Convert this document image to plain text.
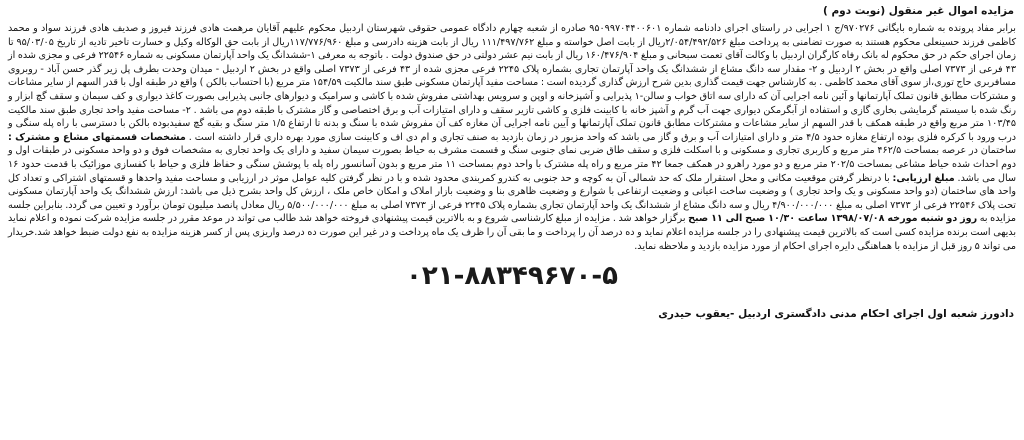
مزایده اموال غیر منقول (نوبت دوم )

برابر مفاد پرونده به شماره بایگانی ۹۷۰۲۷۶/ج ۱ اجرایی در راستای اجرای دادنامه شماره ۹۵۰۹۹۷۰۴۴۰۰۶۰۱ صادره از شعبه چهارم دادگاه عمومی حقوقی شهرستان اردبیل محکوم علیهم آقایان مرهمت هادی فرزند فیروز و صدیف هادی فرزند سواد و محمد کاظمی فرزند حسینعلی محکوم هستند به صورت تضامنی به پرداخت مبلغ ۲/۰۵۴/۴۹۲/۵۲۶ریال از بابت اصل خواسته و مبلغ ۱۱۱/۴۹۷/۷۶۲ ریال از بابت هزینه دادرسی و مبلغ ۱۱۷/۷۷۶/۹۶۰ریال از بابت حق الوکاله وکیل و خسارت تاخیر تادیه از تاریخ ۹۵/۰۳/۰۵ تا زمان اجرای حکم در حق محکوم له بانک رفاه کارگران اردبیل با وکالت آقای تعمت سبحانی و مبلغ ۱۶۰/۴۷۶/۹۰۴ ریال از بابت نیم عشر دولتی در حق صندوق دولت . باتوجه به معرفی ۱-ششدانگ یک واحد آپارتمان مسکونی به شماره ۲۲۵۴۶ فرعی و مجزی شده از ۴۳ فرعی از ۷۳۷۳ اصلی واقع در بخش ۲ اردبیل و ۲- مقدار سه دانگ مشاع از ششدانگ یک واحد آپارتمان تجاری بشماره پلاک ۲۲۴۵ فرعی مجزی شده از ۴۳ فرعی از ۷۳۷۳ اصلی واقع در بخش ۲ اردبیل - میدان وحدت بطرف پل زیر گذر حسن آباد - روبروی مسافربری حاج توری،از سوی آقای محمد کاظمی . به کارشناس جهت قیمت گذاری بدین شرح ارزش گذاری گردیده است : مساحت مفید آپارتمان مسکونی طبق سند مالکیت ۱۵۴/۵۹ متر مربع (با احتساب بالکن ) واقع در طبقه اول با قدر السهم از سایر مشاعات و مشترکات مطابق قانون تملک آپارتمانها و آئین نامه اجرایی آن که دارای سه اتاق خواب و سالن-۱ پذیرایی و آشپزخانه و اوپن و سرویس بهداشتی مفروش شده با کاشی و سرامیک و دیوارهای جانبی پذیرایی بصورت کاغذ دیواری و کف سیمان و سقف گچ ابزار و رنگ شده با سیستم گرمایشی بخاری گازی و استفاده از آبگرمکن دیواری جهت آب گرم و آشپز خانه با کابینت فلزی و کاشی تازیر سقف و دارای امتیازات آب و برق اختصاصی و گاز مشترک با طبقه دوم می باشد . ۲- مساحت مفید واحد تجاری طبق سند مالکیت ۱۰۳/۴۵ متر مربع واقع در طبقه همکف با قدر السهم از سایر مشاعات و مشترکات مطابق قانون تملک آپارتمانها و آیین نامه اجرایی آن مغازه کف آن مفروش شده با سنگ و بدنه تا ارتفاع ۱/۵ متر سنگ و بقیه گچ سفیدبوده بالکن با دسترسی با راه پله سنگی و درب ورود با کرکره فلزی بوده ارتفاع مغازه حدود ۴/۵ متر و دارای امتیازات آب و برق و گاز می باشد که واحد مزبور در زمان بازدید به صنف تجاری و ام دی اف و کابینت سازی مورد بهره داری قرار داشته است . مشخصات قسمتهای مشاع و مشترک : ساختمان در عرصه بمساحت ۴۶۲/۵ متر مربع و کاربری تجاری و مسکونی و با اسکلت فلزی و سقف طاق ضربی نمای جنوبی سنگ و قسمت مشرف به حیاط بصورت سیمان سفید و دارای یک واحد تجاری به مشخصات فوق و دو واحد مسکونی در طبقات اول و دوم احداث شده حیاط مشاعی بمساحت ۲۰۲/۵ متر مربع و دو مورد راهرو در همکف جمعا ۴۲ متر مربع و راه پله مشترک با واحد دوم بمساحت ۱۱ متر مربع و بدون آسانسور راه پله با پوشش سنگی و حفاظ فلزی و حیاط با کفسازی موزائیک با قدمت حدود ۱۶ سال می باشد. مبلغ ارزیابی: با درنظر گرفتن موقعیت مکانی و محل استقرار ملک که حد شمالی آن به کوچه و حد جنوبی به کندرو کمربندی محدود شده و با در نظر گرفتن کلیه عوامل موثر در ارزیابی و مساحت مفید واحدها و قسمتهای اشتراکی و تعداد کل واحد های ساختمان (دو واحد مسکونی و یک واحد تجاری ) و وضعیت ساخت اعیانی و وضعیت ارتفاعی با شوارع و وضعیت ظاهری بنا و وضعیت بازار املاک و امکان خاص ملک ، ارزش کل واحد بشرح ذیل می باشد: ارزش ششدانگ یک واحد آپارتمان مسکونی تحت پلاک ۲۲۵۴۶ فرعی از ۷۳۷۳ اصلی به مبلغ ۴/۹۰۰/۰۰۰/۰۰۰ ریال و سه دانگ مشاع از ششدانگ یک واحد آپارتمان تجاری بشماره پلاک ۲۲۴۵ فرعی از ۷۳۷۳ اصلی به مبلغ ۵/۵۰۰/۰۰۰/۰۰۰ ریال معادل پانصد میلیون تومان برآورد و تعیین می گردد. بنابراین جلسه مزایده به روز دو شنبه مورخه ۱۳۹۸/۰۷/۰۸ ساعت ۱۰/۳۰ صبح الی ۱۱ صبح برگزار خواهد شد . مزایده از مبلغ کارشناسی شروع و به بالاترین قیمت پیشنهادی فروخته خواهد شد طالب می تواند در موعد مقرر در جلسه مزایده شرکت نموده و اعلام نماید بدیهی است برنده مزایده کسی است که بالاترین قیمت پیشنهادی را در جلسه مزایده اعلام نماید و ده درصد آن را پرداخت و ما بقی آن را ظرف یک ماه پرداخت و در غیر این صورت ده درصد واریزی پس از کسر هزینه مزایده به نفع دولت ضبط خواهد شد.خریدار می تواند ۵ روز قبل از مزایده با هماهنگی دایره اجرای احکام از مورد مزایده بازدید و ملاحظه نماید.

۰۲۱-۸۸۳۴۹۶۷۰-۵
دادورز شعبه اول اجرای احکام مدنی دادگستری اردبیل -یعقوب حیدری
